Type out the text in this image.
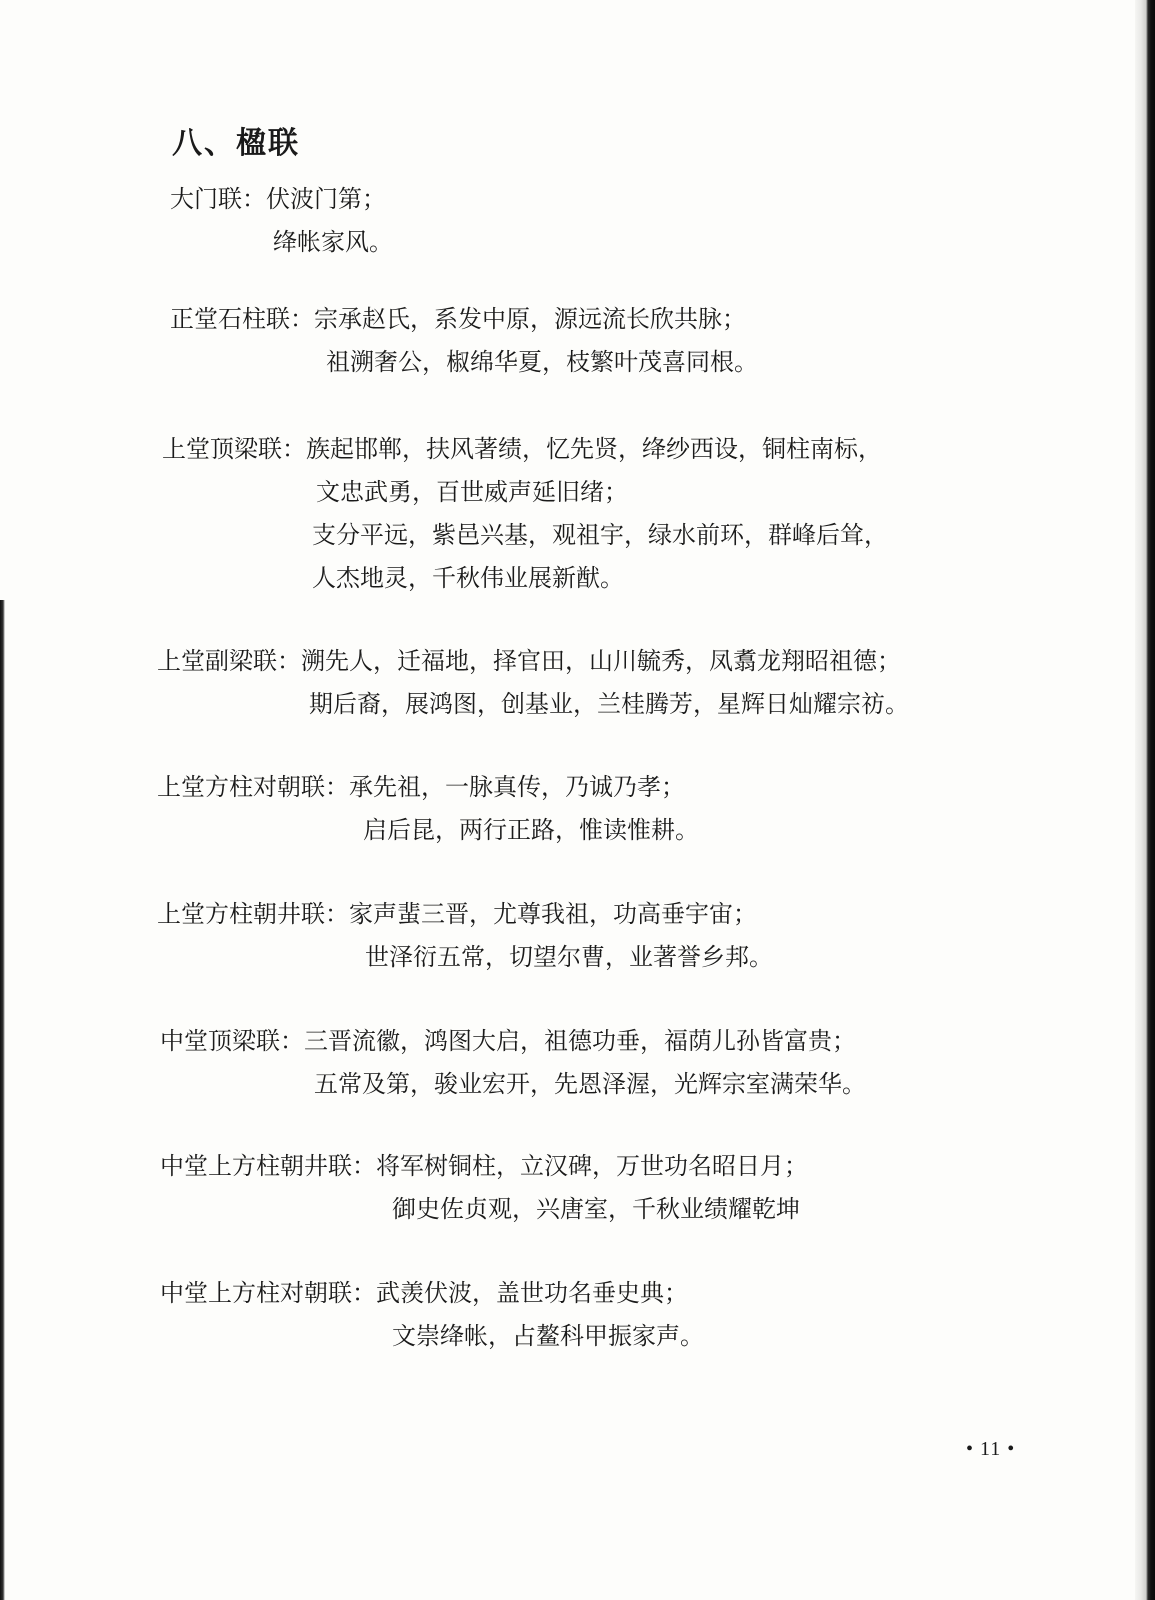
八、楹联
大门联：伏波门第；
绛帐家风。
正堂石柱联：宗承赵氏，系发中原，源远流长欣共脉；
祖溯奢公，椒绵华夏，枝繁叶茂喜同根。
上堂顶梁联：族起邯郸，扶风著绩，忆先贤，绛纱西设，铜柱南标，
文忠武勇，百世威声延旧绪；
支分平远，紫邑兴基，观祖宇，绿水前环，群峰后耸，
人杰地灵，千秋伟业展新猷。
上堂副梁联：溯先人，迁福地，择官田，山川毓秀，凤翥龙翔昭祖德；
期后裔，展鸿图，创基业，兰桂腾芳，星辉日灿耀宗祊。
上堂方柱对朝联：承先祖，一脉真传，乃诚乃孝；
启后昆，两行正路，惟读惟耕。
上堂方柱朝井联：家声蜚三晋，尤尊我祖，功高垂宇宙；
世泽衍五常，切望尔曹，业著誉乡邦。
中堂顶梁联：三晋流徽，鸿图大启，祖德功垂，福荫儿孙皆富贵；
五常及第，骏业宏开，先恩泽渥，光辉宗室满荣华。
中堂上方柱朝井联：将军树铜柱，立汉碑，万世功名昭日月；
御史佐贞观，兴唐室，千秋业绩耀乾坤
中堂上方柱对朝联：武羡伏波，盖世功名垂史典；
文崇绛帐，占鳌科甲振家声。
• 11 •
